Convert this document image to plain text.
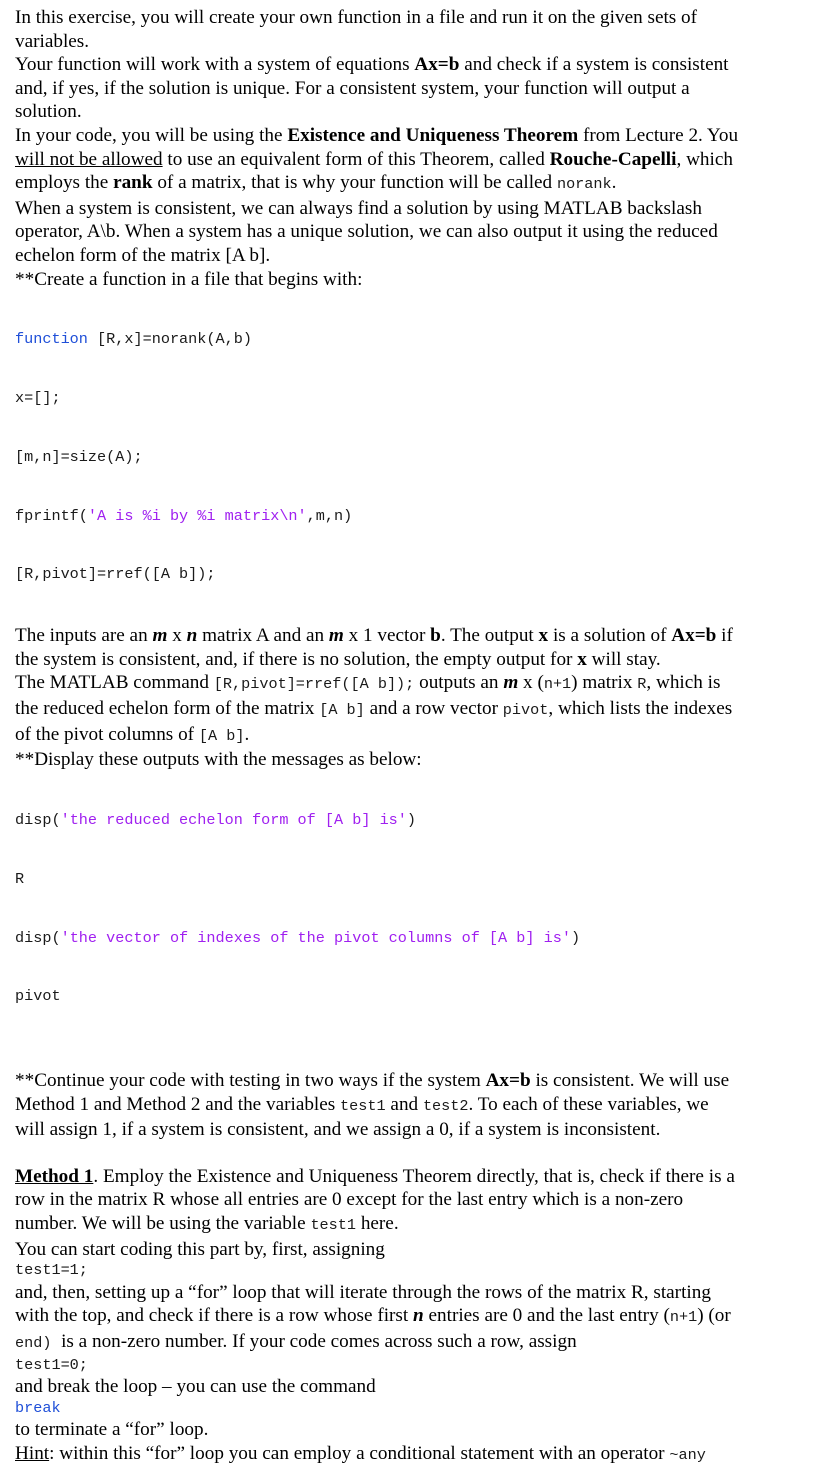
In this exercise, you will create your own function in a file and run it on the given sets of
variables.
Your function will work with a system of equations Ax=b and check if a system is consistent
and, if yes, if the solution is unique. For a consistent system, your function will output a
solution.
In your code, you will be using the Existence and Uniqueness Theorem from Lecture 2. You
will not be allowed to use an equivalent form of this Theorem, called Rouche-Capelli, which
employs the rank of a matrix, that is why your function will be called norank.
When a system is consistent, we can always find a solution by using MATLAB backslash
operator, A\b. When a system has a unique solution, we can also output it using the reduced
echelon form of the matrix [A b].
**Create a function in a file that begins with:

function [R,x]=norank(A,b)

x=[];

[m,n]=size(A);

fprintf('A is %i by %i matrix\n',m,n)

[R,pivot]=rref([A b]);

The inputs are an m x n matrix A and an m x 1 vector b. The output x is a solution of Ax=b if
the system is consistent, and, if there is no solution, the empty output for x will stay.
The MATLAB command [R,pivot]=rref([A b]); outputs an m x (n+1) matrix R, which is
the reduced echelon form of the matrix [A b] and a row vector pivot, which lists the indexes
of the pivot columns of [A b].
**Display these outputs with the messages as below:

disp('the reduced echelon form of [A b] is')

R

disp('the vector of indexes of the pivot columns of [A b] is')

pivot

**Continue your code with testing in two ways if the system Ax=b is consistent. We will use
Method 1 and Method 2 and the variables test1 and test2. To each of these variables, we
will assign 1, if a system is consistent, and we assign a 0, if a system is inconsistent.
Method 1. Employ the Existence and Uniqueness Theorem directly, that is, check if there is a
row in the matrix R whose all entries are 0 except for the last entry which is a non-zero
number. We will be using the variable test1 here.
You can start coding this part by, first, assigning
test1=1;
and, then, setting up a “for” loop that will iterate through the rows of the matrix R, starting
with the top, and check if there is a row whose first n entries are 0 and the last entry (n+1) (or
end)  is a non-zero number. If your code comes across such a row, assign
test1=0;
and break the loop – you can use the command
break
to terminate a “for” loop.
Hint: within this “for” loop you can employ a conditional statement with an operator ~any
